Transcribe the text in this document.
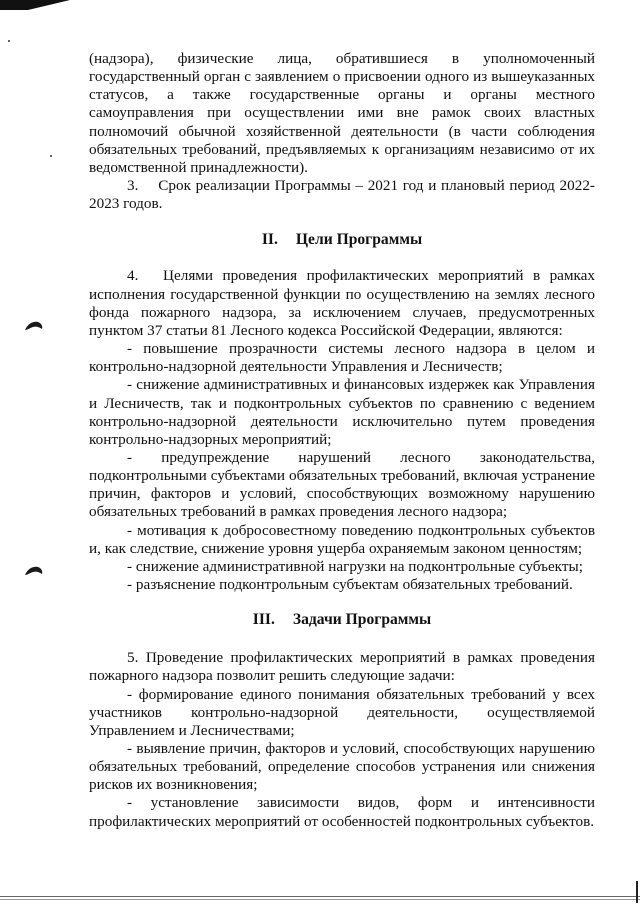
(надзора), физические лица, обратившиеся в уполномоченный государственный орган с заявлением о присвоении одного из вышеуказанных статусов, а также государственные органы и органы местного самоуправления при осуществлении ими вне рамок своих властных полномочий обычной хозяйственной деятельности (в части соблюдения обязательных требований, предъявляемых к организациям независимо от их ведомственной принадлежности).

3.  Срок реализации Программы – 2021 год и плановый период 2022-2023 годов.

II. Цели Программы

4.  Целями проведения профилактических мероприятий в рамках исполнения государственной функции по осуществлению на землях лесного фонда пожарного надзора, за исключением случаев, предусмотренных пунктом 37 статьи 81 Лесного кодекса Российской Федерации, являются:

- повышение прозрачности системы лесного надзора в целом и контрольно-надзорной деятельности Управления и Лесничеств;

- снижение административных и финансовых издержек как Управления и Лесничеств, так и подконтрольных субъектов по сравнению с ведением контрольно-надзорной деятельности исключительно путем проведения контрольно-надзорных мероприятий;

- предупреждение нарушений лесного законодательства, подконтрольными субъектами обязательных требований, включая устранение причин, факторов и условий, способствующих возможному нарушению обязательных требований в рамках проведения лесного надзора;

- мотивация к добросовестному поведению подконтрольных субъектов и, как следствие, снижение уровня ущерба охраняемым законом ценностям;

- снижение административной нагрузки на подконтрольные субъекты;

- разъяснение подконтрольным субъектам обязательных требований.

III. Задачи Программы

5. Проведение профилактических мероприятий в рамках проведения пожарного надзора позволит решить следующие задачи:

- формирование единого понимания обязательных требований у всех участников контрольно-надзорной деятельности, осуществляемой Управлением и Лесничествами;

- выявление причин, факторов и условий, способствующих нарушению обязательных требований, определение способов устранения или снижения рисков их возникновения;

- установление зависимости видов, форм и интенсивности профилактических мероприятий от особенностей подконтрольных субъектов.
